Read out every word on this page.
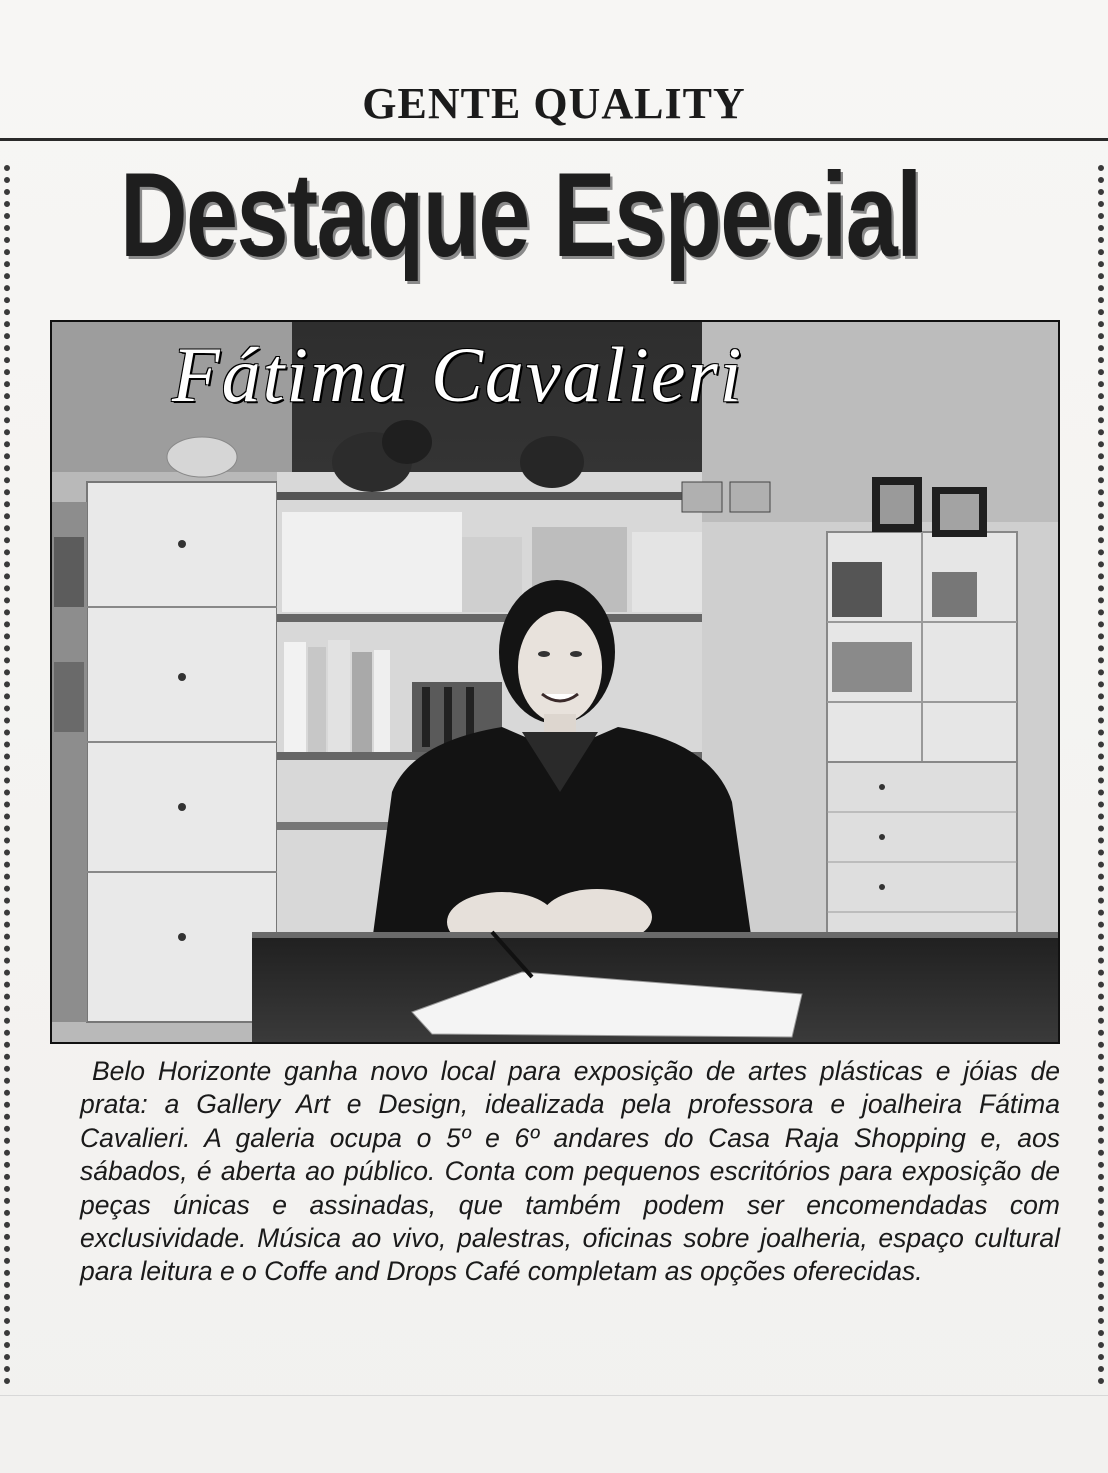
GENTE QUALITY
Destaque Especial
Fátima Cavalieri
Belo Horizonte ganha novo local para exposição de artes plásticas e jóias de prata: a Gallery Art e Design, idealizada pela professora e joalheira Fátima Cavalieri. A galeria ocupa o 5º e 6º andares do Casa Raja Shopping e, aos sábados, é aberta ao público. Conta com pequenos escritórios para exposição de peças únicas e assinadas, que também podem ser encomendadas com exclusividade. Música ao vivo, palestras, oficinas sobre joalheria, espaço cultural para leitura e o Coffe and Drops Café completam as opções oferecidas.
